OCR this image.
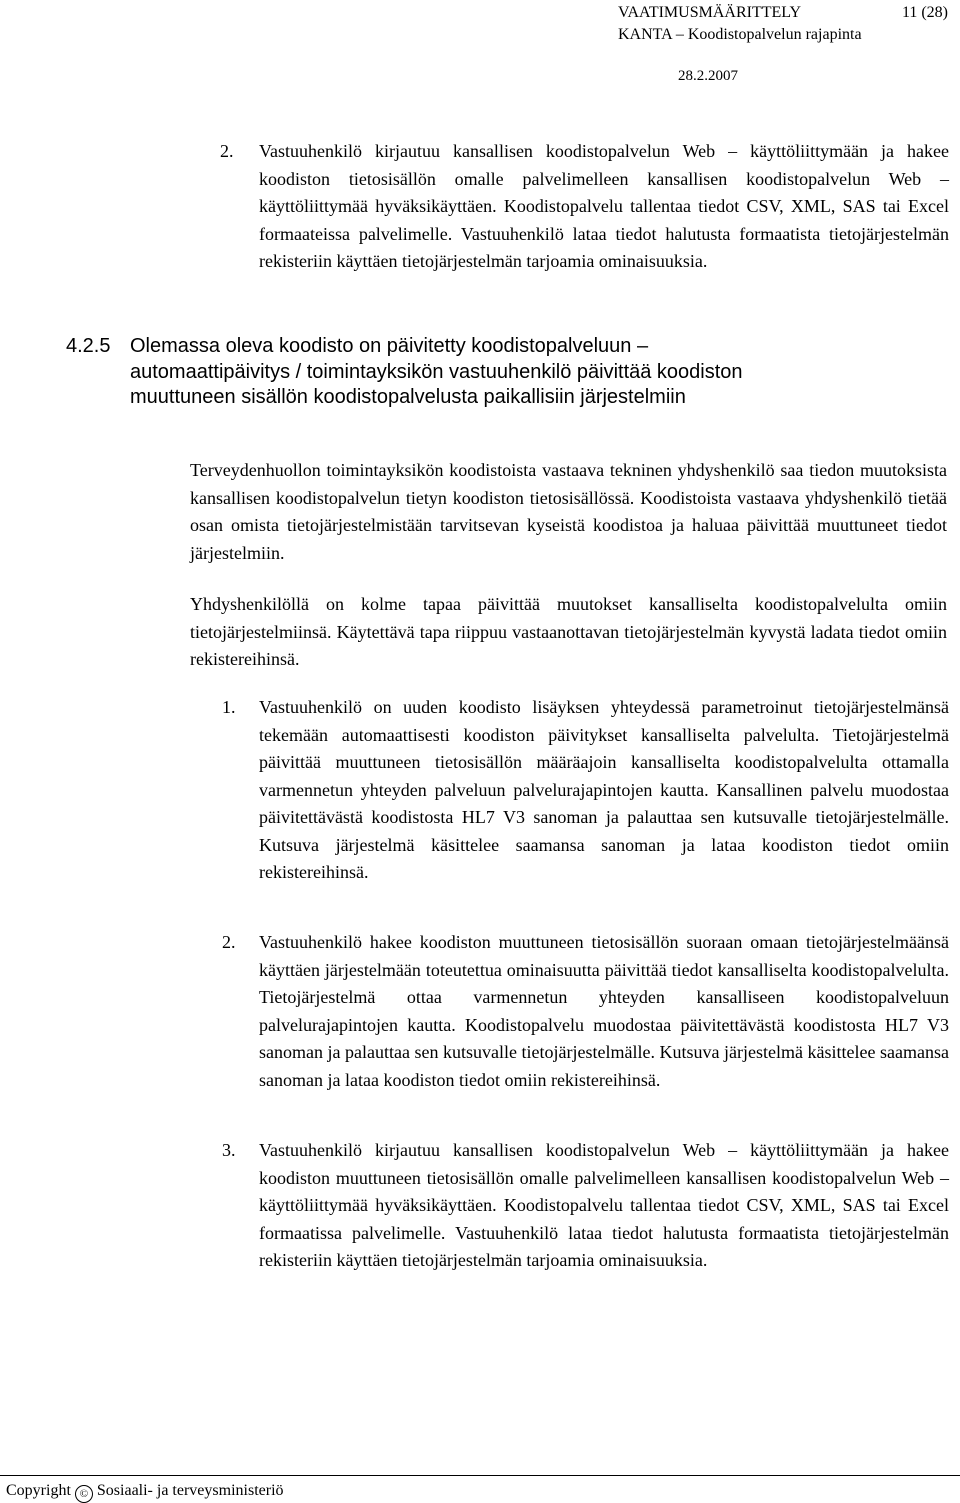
VAATIMUSMÄÄRITTELY	11 (28)
KANTA – Koodistopalvelun rajapinta
28.2.2007
2. Vastuuhenkilö kirjautuu kansallisen koodistopalvelun Web – käyttöliittymään ja hakee koodiston tietosisällön omalle palvelimelleen kansallisen koodistopalvelun Web –käyttöliittymää hyväksikäyttäen. Koodistopalvelu tallentaa tiedot CSV, XML, SAS tai Excel formaateissa palvelimelle. Vastuuhenkilö lataa tiedot halutusta formaatista tietojärjestelmän rekisteriin käyttäen tietojärjestelmän tarjoamia ominaisuuksia.
4.2.5 Olemassa oleva koodisto on päivitetty koodistopalveluun – automaattipäivitys / toimintayksikön vastuuhenkilö päivittää koodiston muuttuneen sisällön koodistopalvelusta paikallisiin järjestelmiin
Terveydenhuollon toimintayksikön koodistoista vastaava tekninen yhdyshenkilö saa tiedon muutoksista kansallisen koodistopalvelun tietyn koodiston tietosisällössä. Koodistoista vastaava yhdyshenkilö tietää osan omista tietojärjestelmistään tarvitsevan kyseistä koodistoa ja haluaa päivittää muuttuneet tiedot järjestelmiin.
Yhdyshenkilöllä on kolme tapaa päivittää muutokset kansalliselta koodistopalvelulta omiin tietojärjestelmiinsä. Käytettävä tapa riippuu vastaanottavan tietojärjestelmän kyvystä ladata tiedot omiin rekistereihinsä.
1. Vastuuhenkilö on uuden koodisto lisäyksen yhteydessä parametroinut tietojärjestelmänsä tekemään automaattisesti koodiston päivitykset kansalliselta palvelulta. Tietojärjestelmä päivittää muuttuneen tietosisällön määräajoin kansalliselta koodistopalvelulta ottamalla varmennetun yhteyden palveluun palvelurajapintojen kautta. Kansallinen palvelu muodostaa päivitettävästä koodistosta HL7 V3 sanoman ja palauttaa sen kutsuvalle tietojärjestelmälle. Kutsuva järjestelmä käsittelee saamansa sanoman ja lataa koodiston tiedot omiin rekistereihinsä.
2. Vastuuhenkilö hakee koodiston muuttuneen tietosisällön suoraan omaan tietojärjestelmäänsä käyttäen järjestelmään toteutettua ominaisuutta päivittää tiedot kansalliselta koodistopalvelulta. Tietojärjestelmä ottaa varmennetun yhteyden kansalliseen koodistopalveluun palvelurajapintojen kautta. Koodistopalvelu muodostaa päivitettävästä koodistosta HL7 V3 sanoman ja palauttaa sen kutsuvalle tietojärjestelmälle. Kutsuva järjestelmä käsittelee saamansa sanoman ja lataa koodiston tiedot omiin rekistereihinsä.
3. Vastuuhenkilö kirjautuu kansallisen koodistopalvelun Web – käyttöliittymään ja hakee koodiston muuttuneen tietosisällön omalle palvelimelleen kansallisen koodistopalvelun Web –käyttöliittymää hyväksikäyttäen. Koodistopalvelu tallentaa tiedot CSV, XML, SAS tai Excel formaatissa palvelimelle. Vastuuhenkilö lataa tiedot halutusta formaatista tietojärjestelmän rekisteriin käyttäen tietojärjestelmän tarjoamia ominaisuuksia.
Copyright © Sosiaali- ja terveysministeriö
